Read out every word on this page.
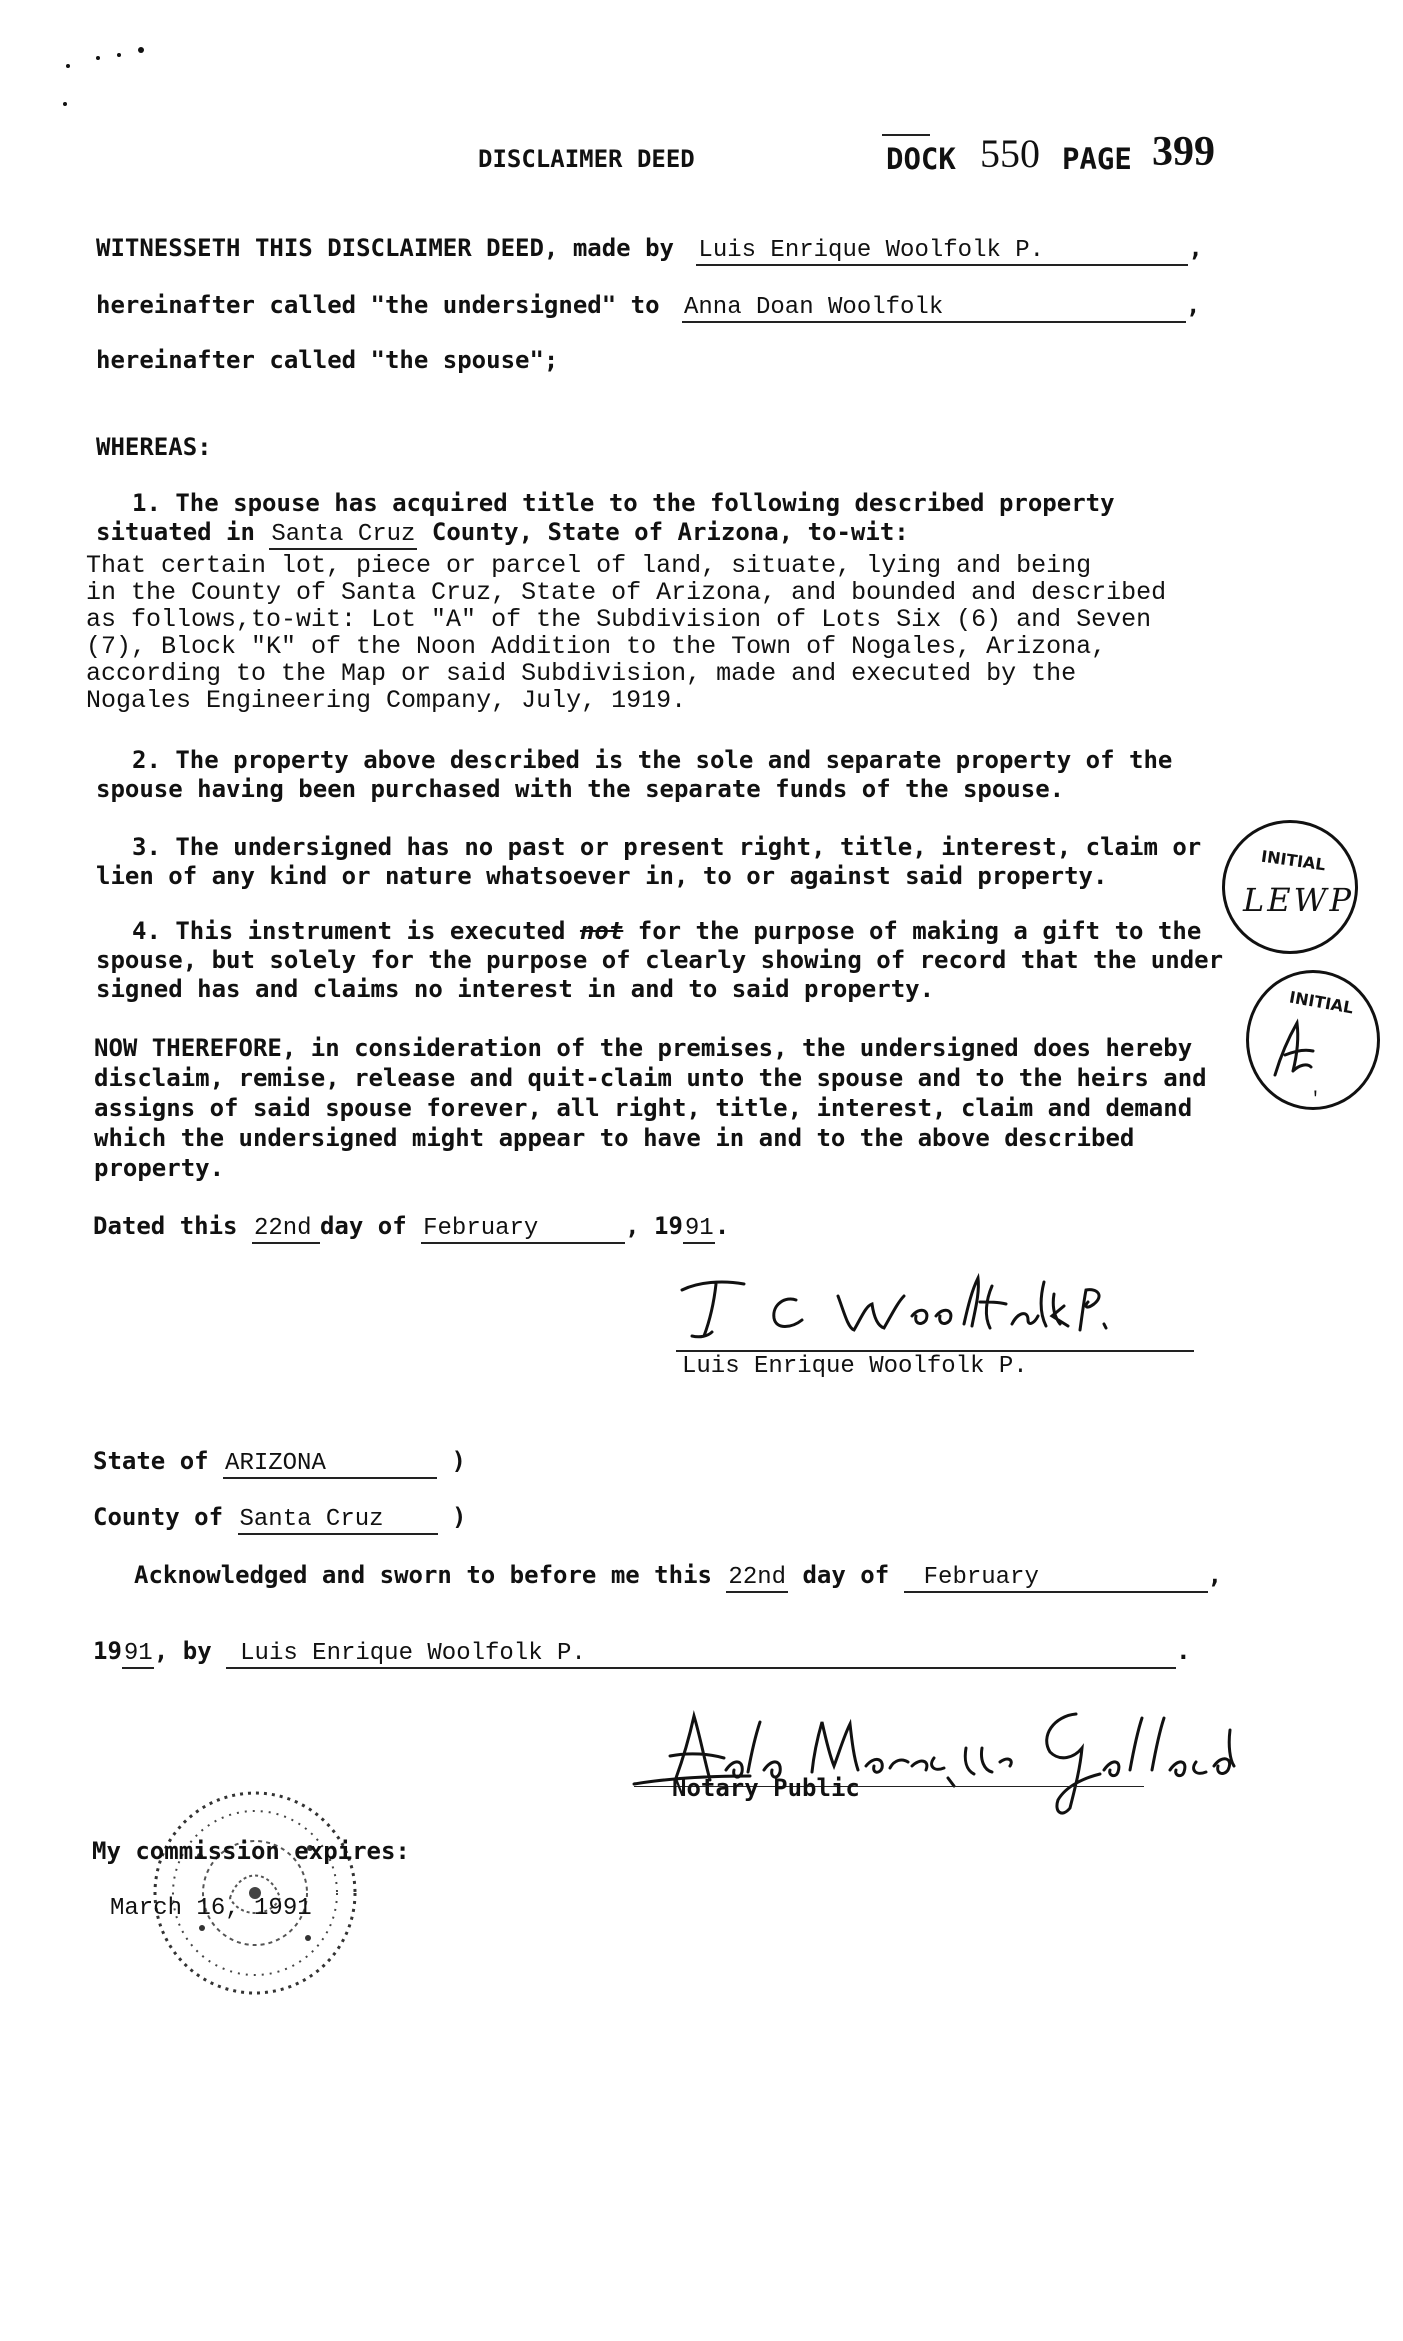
DISCLAIMER DEED	DOCK 550 PAGE 399
WITNESSETH THIS DISCLAIMER DEED, made by Luis Enrique Woolfolk P.	,
hereinafter called "the undersigned" to Anna Doan Woolfolk	,
hereinafter called "the spouse";
WHEREAS:
1. The spouse has acquired title to the following described property
situated in Santa Cruz County, State of Arizona, to-wit:
That certain lot, piece or parcel of land, situate, lying and being
in the County of Santa Cruz, State of Arizona, and bounded and described
as follows,to-wit: Lot "A" of the Subdivision of Lots Six (6) and Seven
(7), Block "K" of the Noon Addition to the Town of Nogales, Arizona,
according to the Map or said Subdivision, made and executed by the
Nogales Engineering Company, July, 1919.
2. The property above described is the sole and separate property of the
spouse having been purchased with the separate funds of the spouse.
3. The undersigned has no past or present right, title, interest, claim or
lien of any kind or nature whatsoever in, to or against said property.
4. This instrument is executed not for the purpose of making a gift to the
spouse, but solely for the purpose of clearly showing of record that the under
signed has and claims no interest in and to said property.
INITIAL
LEWP
INITIAL
'
NOW THEREFORE, in consideration of the premises, the undersigned does hereby
disclaim, remise, release and quit-claim unto the spouse and to the heirs and
assigns of said spouse forever, all right, title, interest, claim and demand
which the undersigned might appear to have in and to the above described
property.
Dated this 22nd day of February	, 1991.
Luis Enrique Woolfolk P.
State of ARIZONA	)
County of Santa Cruz	)
Acknowledged and sworn to before me this 22nd day of February	,
1991, by Luis Enrique Woolfolk P.	.
Notary Public
My commission expires:
March 16, 1991
